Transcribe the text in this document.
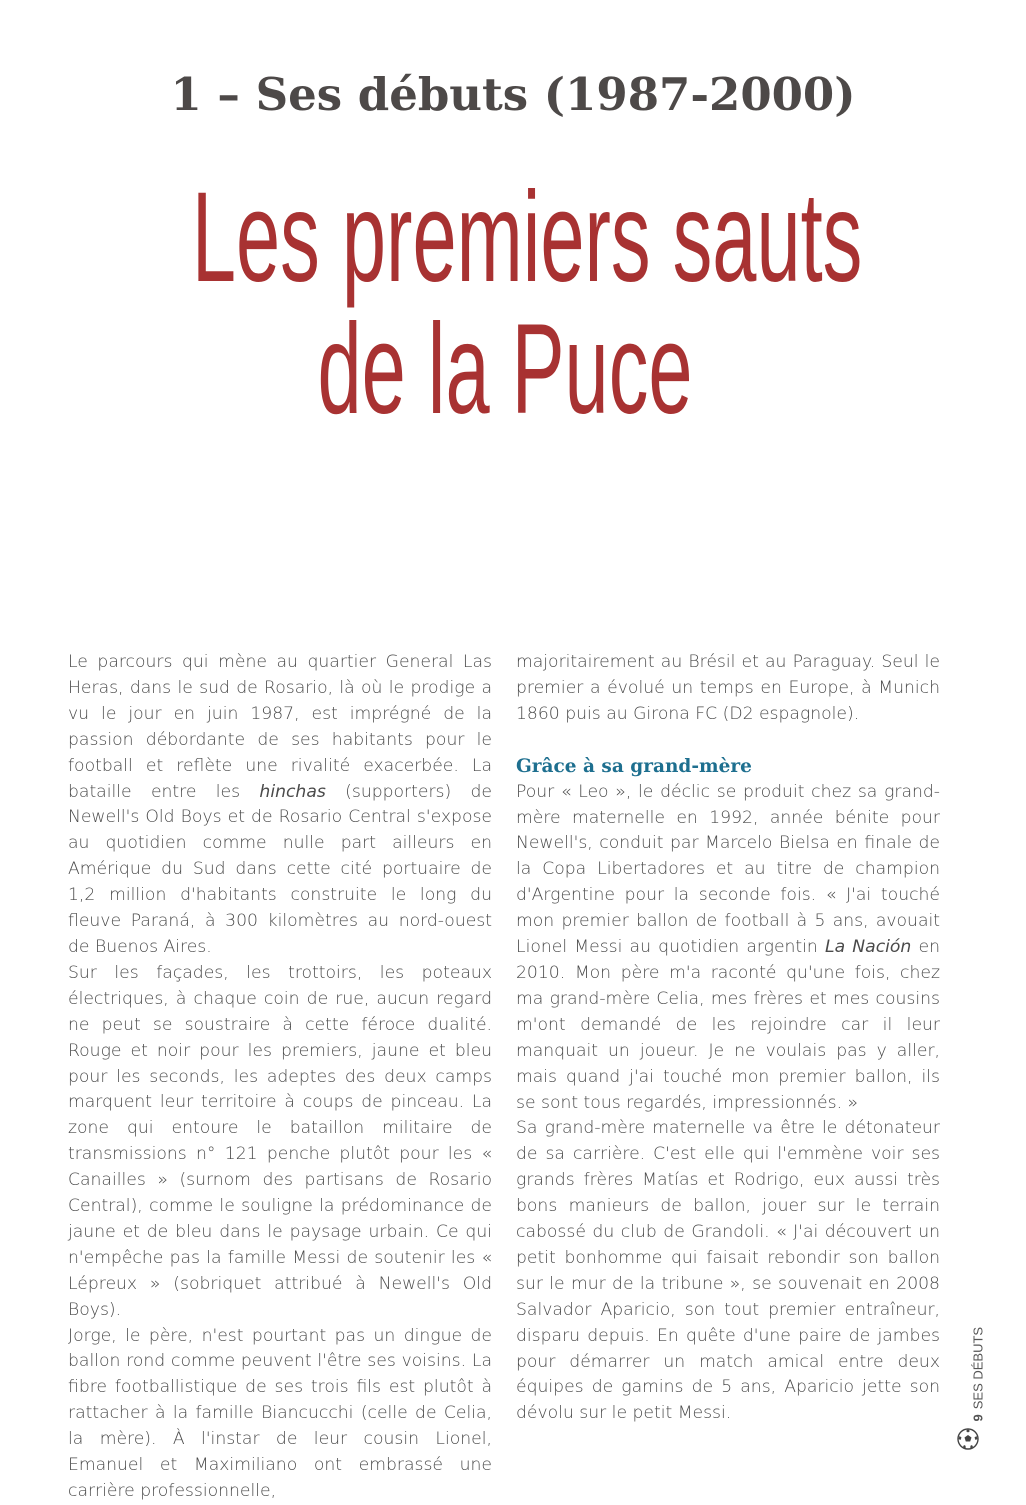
1 – Ses débuts (1987-2000)
Les premiers sauts
de la Puce

Le parcours qui mène au quartier General Las Heras, dans le sud de Rosario, là où le prodige a vu le jour en juin 1987, est imprégné de la passion débordante de ses habitants pour le football et reflète une rivalité exacerbée. La bataille entre les hinchas (supporters) de Newell's Old Boys et de Rosario Central s'expose au quotidien comme nulle part ailleurs en Amérique du Sud dans cette cité portuaire de 1,2 million d'habitants construite le long du fleuve Paraná, à 300 kilomètres au nord-ouest de Buenos Aires.

Sur les façades, les trottoirs, les poteaux électriques, à chaque coin de rue, aucun regard ne peut se soustraire à cette féroce dualité. Rouge et noir pour les premiers, jaune et bleu pour les seconds, les adeptes des deux camps marquent leur territoire à coups de pinceau. La zone qui entoure le bataillon militaire de transmissions n° 121 penche plutôt pour les « Canailles » (surnom des partisans de Rosario Central), comme le souligne la prédominance de jaune et de bleu dans le paysage urbain. Ce qui n'empêche pas la famille Messi de soutenir les « Lépreux » (sobriquet attribué à Newell's Old Boys).

Jorge, le père, n'est pourtant pas un dingue de ballon rond comme peuvent l'être ses voisins. La fibre footballistique de ses trois fils est plutôt à rattacher à la famille Biancucchi (celle de Celia, la mère). À l'instar de leur cousin Lionel, Emanuel et Maximiliano ont embrassé une carrière professionnelle,

majoritairement au Brésil et au Paraguay. Seul le premier a évolué un temps en Europe, à Munich 1860 puis au Girona FC (D2 espagnole).

Grâce à sa grand-mère

Pour « Leo », le déclic se produit chez sa grand-mère maternelle en 1992, année bénite pour Newell's, conduit par Marcelo Bielsa en finale de la Copa Libertadores et au titre de champion d'Argentine pour la seconde fois. « J'ai touché mon premier ballon de football à 5 ans, avouait Lionel Messi au quotidien argentin La Nación en 2010. Mon père m'a raconté qu'une fois, chez ma grand-mère Celia, mes frères et mes cousins m'ont demandé de les rejoindre car il leur manquait un joueur. Je ne voulais pas y aller, mais quand j'ai touché mon premier ballon, ils se sont tous regardés, impressionnés. »

Sa grand-mère maternelle va être le détonateur de sa carrière. C'est elle qui l'emmène voir ses grands frères Matías et Rodrigo, eux aussi très bons manieurs de ballon, jouer sur le terrain cabossé du club de Grandoli. « J'ai découvert un petit bonhomme qui faisait rebondir son ballon sur le mur de la tribune », se souvenait en 2008 Salvador Aparicio, son tout premier entraîneur, disparu depuis. En quête d'une paire de jambes pour démarrer un match amical entre deux équipes de gamins de 5 ans, Aparicio jette son dévolu sur le petit Messi.	9SES DÉBUTS
